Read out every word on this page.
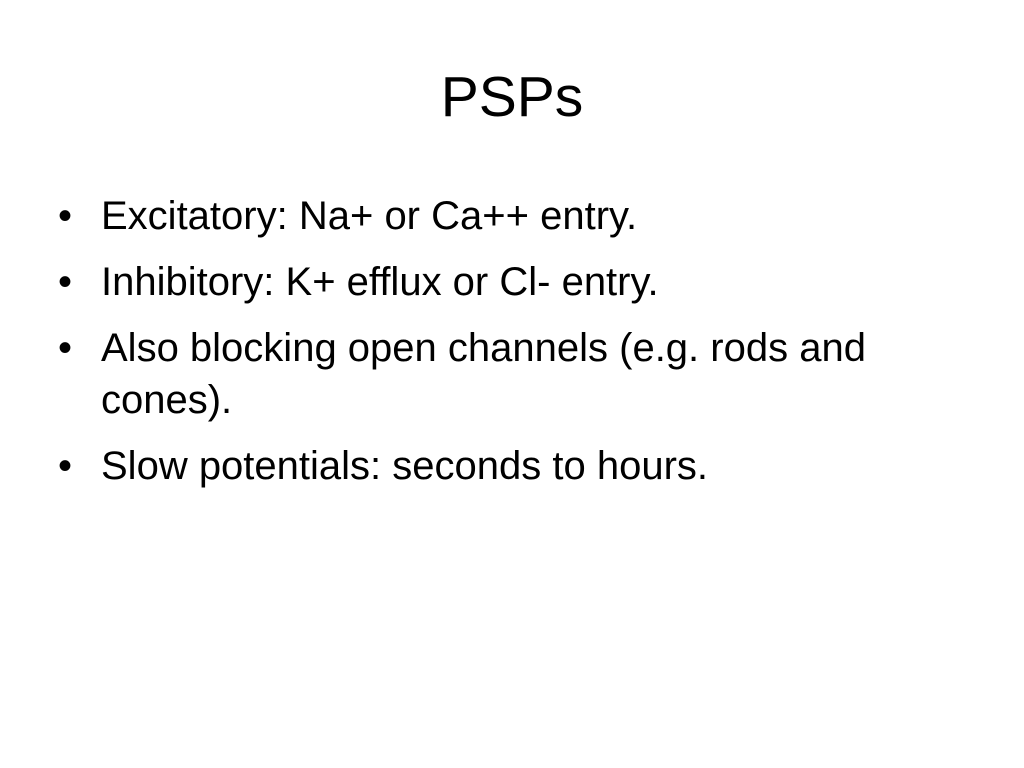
PSPs
• Excitatory: Na+ or Ca++ entry.
• Inhibitory: K+ efflux or Cl- entry.
• Also blocking open channels (e.g. rods and cones).
• Slow potentials: seconds to hours.
